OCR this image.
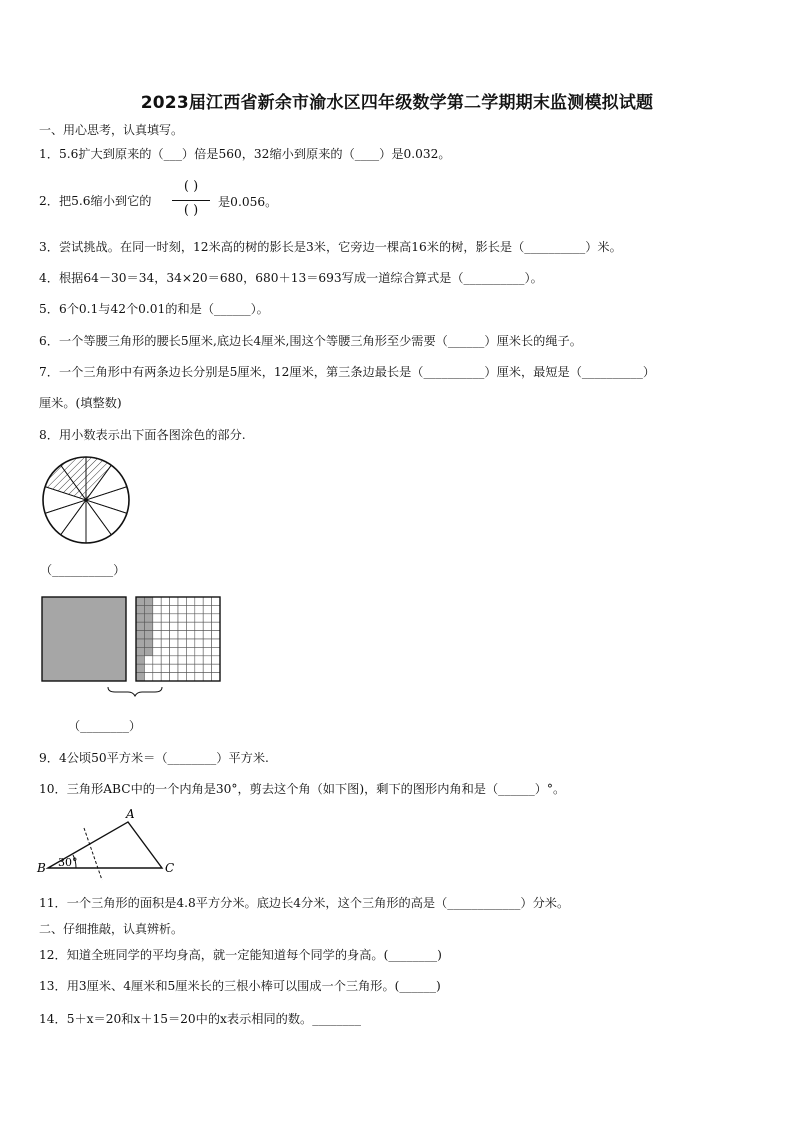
2023届江西省新余市渝水区四年级数学第二学期期末监测模拟试题
一、用心思考，认真填写。
1．5.6扩大到原来的（___）倍是560，32缩小到原来的（____）是0.032。
2．把5.6缩小到它的
( )
( )
是0.056。
3．尝试挑战。在同一时刻，12米高的树的影长是3米，它旁边一棵高16米的树，影长是（__________）米。
4．根据64－30＝34，34×20＝680，680＋13＝693写成一道综合算式是（__________）。
5．6个0.1与42个0.01的和是（______）。
6．一个等腰三角形的腰长5厘米,底边长4厘米,围这个等腰三角形至少需要（______）厘米长的绳子。
7．一个三角形中有两条边长分别是5厘米，12厘米，第三条边最长是（__________）厘米，最短是（__________）
厘米。(填整数)
8．用小数表示出下面各图涂色的部分.
（__________）
（________）
9．4公顷50平方米＝（________）平方米.
10．三角形ABC中的一个内角是30°，剪去这个角（如下图)，剩下的图形内角和是（______）°。
A
B	C
30°
11．一个三角形的面积是4.8平方分米。底边长4分米，这个三角形的高是（____________）分米。
二、仔细推敲，认真辨析。
12．知道全班同学的平均身高，就一定能知道每个同学的身高。(________)
13．用3厘米、4厘米和5厘米长的三根小棒可以围成一个三角形。(______)
14．5＋x＝20和x＋15＝20中的x表示相同的数。________
